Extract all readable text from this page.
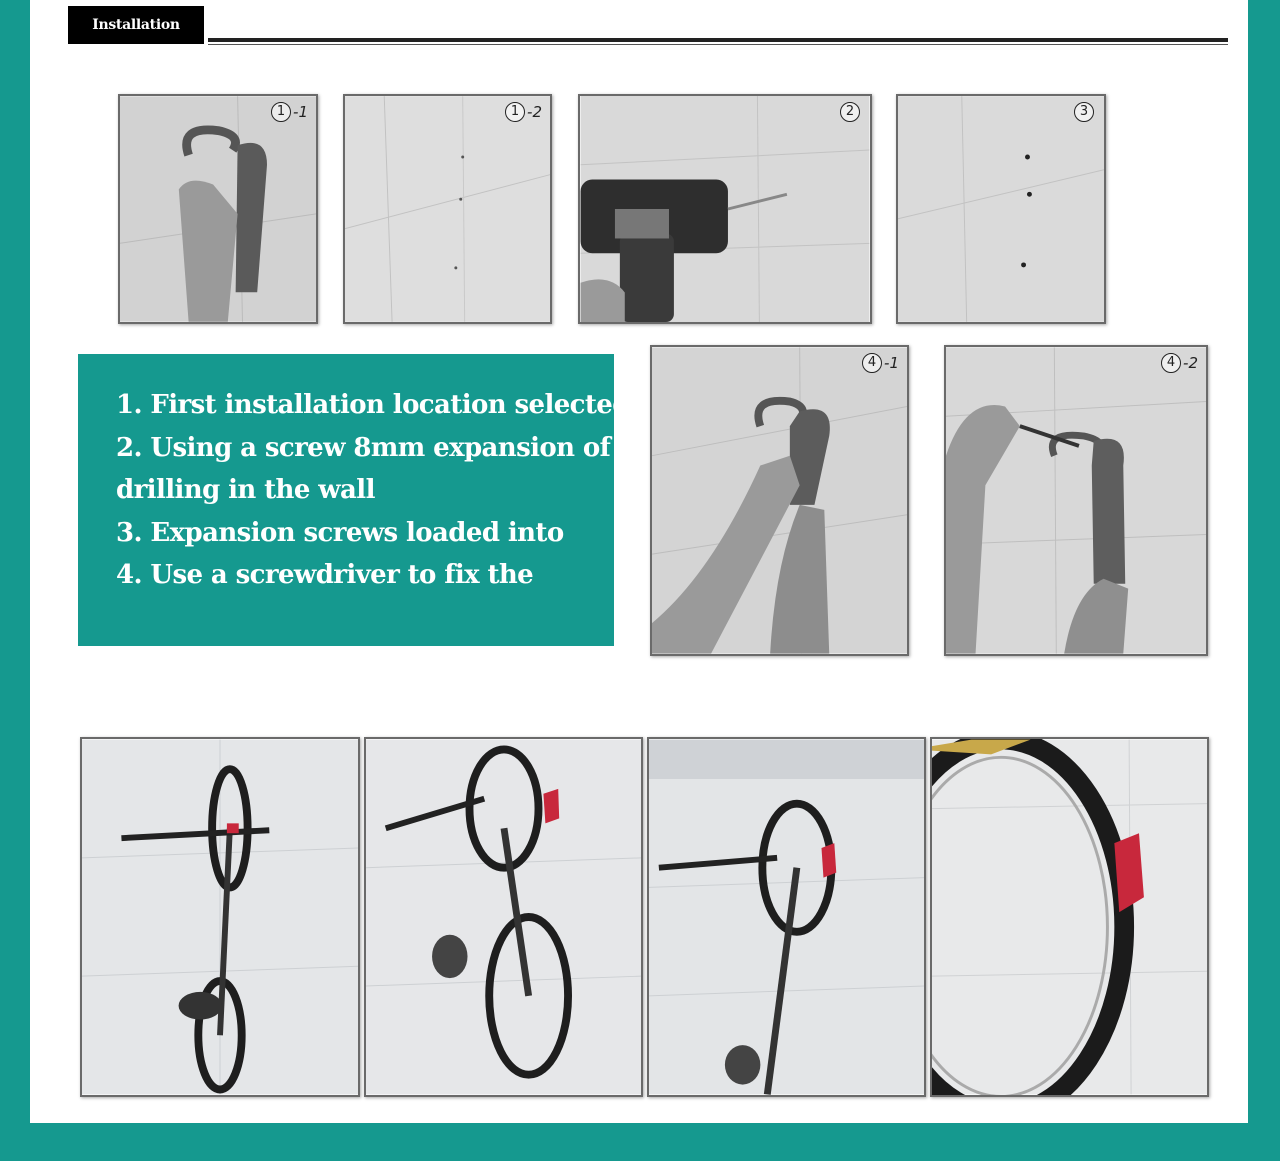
Installation Gallery
1 -1	1 -2	2	3
1. First installation location selected
2. Using a screw 8mm expansion of
drilling in the wall
3. Expansion screws loaded into
4. Use a screwdriver to fix the
4 -1	4 -2
